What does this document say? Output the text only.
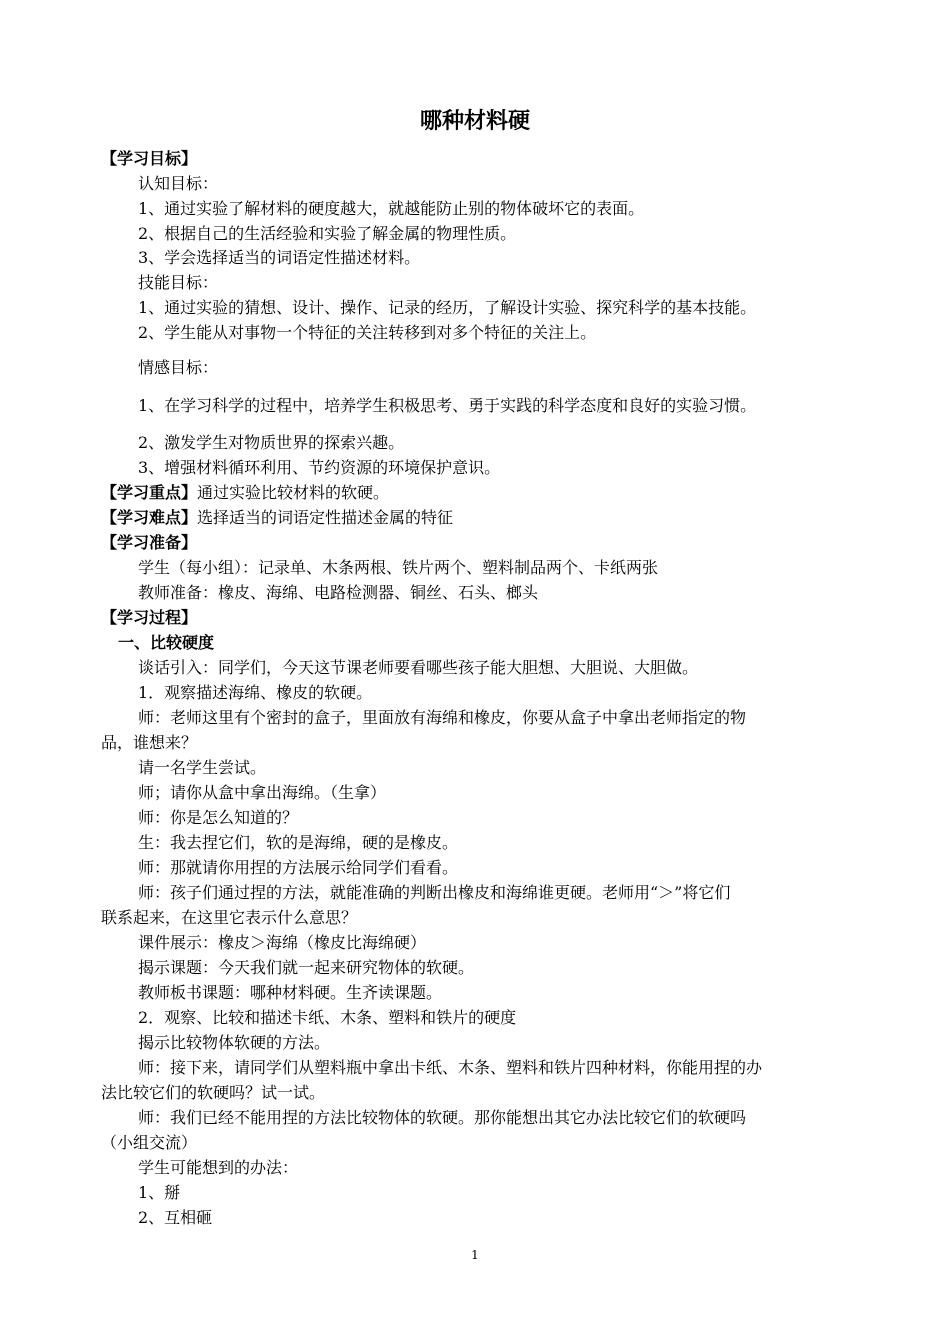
哪种材料硬
【学习目标】
认知目标：
1、通过实验了解材料的硬度越大，就越能防止别的物体破坏它的表面。
2、根据自己的生活经验和实验了解金属的物理性质。
3、学会选择适当的词语定性描述材料。
技能目标：
1、通过实验的猜想、设计、操作、记录的经历，了解设计实验、探究科学的基本技能。
2、学生能从对事物一个特征的关注转移到对多个特征的关注上。
情感目标：
1、在学习科学的过程中，培养学生积极思考、勇于实践的科学态度和良好的实验习惯。
2、激发学生对物质世界的探索兴趣。
3、增强材料循环利用、节约资源的环境保护意识。
【学习重点】通过实验比较材料的软硬。
【学习难点】选择适当的词语定性描述金属的特征
【学习准备】
学生（每小组）：记录单、木条两根、铁片两个、塑料制品两个、卡纸两张
教师准备：橡皮、海绵、电路检测器、铜丝、石头、榔头
【学习过程】
一、比较硬度
谈话引入：同学们，今天这节课老师要看哪些孩子能大胆想、大胆说、大胆做。
1．观察描述海绵、橡皮的软硬。
师：老师这里有个密封的盒子，里面放有海绵和橡皮，你要从盒子中拿出老师指定的物
品，谁想来？
请一名学生尝试。
师；请你从盒中拿出海绵。（生拿）
师：你是怎么知道的？
生：我去捏它们，软的是海绵，硬的是橡皮。
师：那就请你用捏的方法展示给同学们看看。
师：孩子们通过捏的方法，就能准确的判断出橡皮和海绵谁更硬。老师用“＞”将它们
联系起来，在这里它表示什么意思？
课件展示：橡皮＞海绵（橡皮比海绵硬）
揭示课题：今天我们就一起来研究物体的软硬。
教师板书课题：哪种材料硬。生齐读课题。
2．观察、比较和描述卡纸、木条、塑料和铁片的硬度
揭示比较物体软硬的方法。
师：接下来，请同学们从塑料瓶中拿出卡纸、木条、塑料和铁片四种材料，你能用捏的办
法比较它们的软硬吗？试一试。
师：我们已经不能用捏的方法比较物体的软硬。那你能想出其它办法比较它们的软硬吗
（小组交流）
学生可能想到的办法：
1、掰
2、互相砸
1
